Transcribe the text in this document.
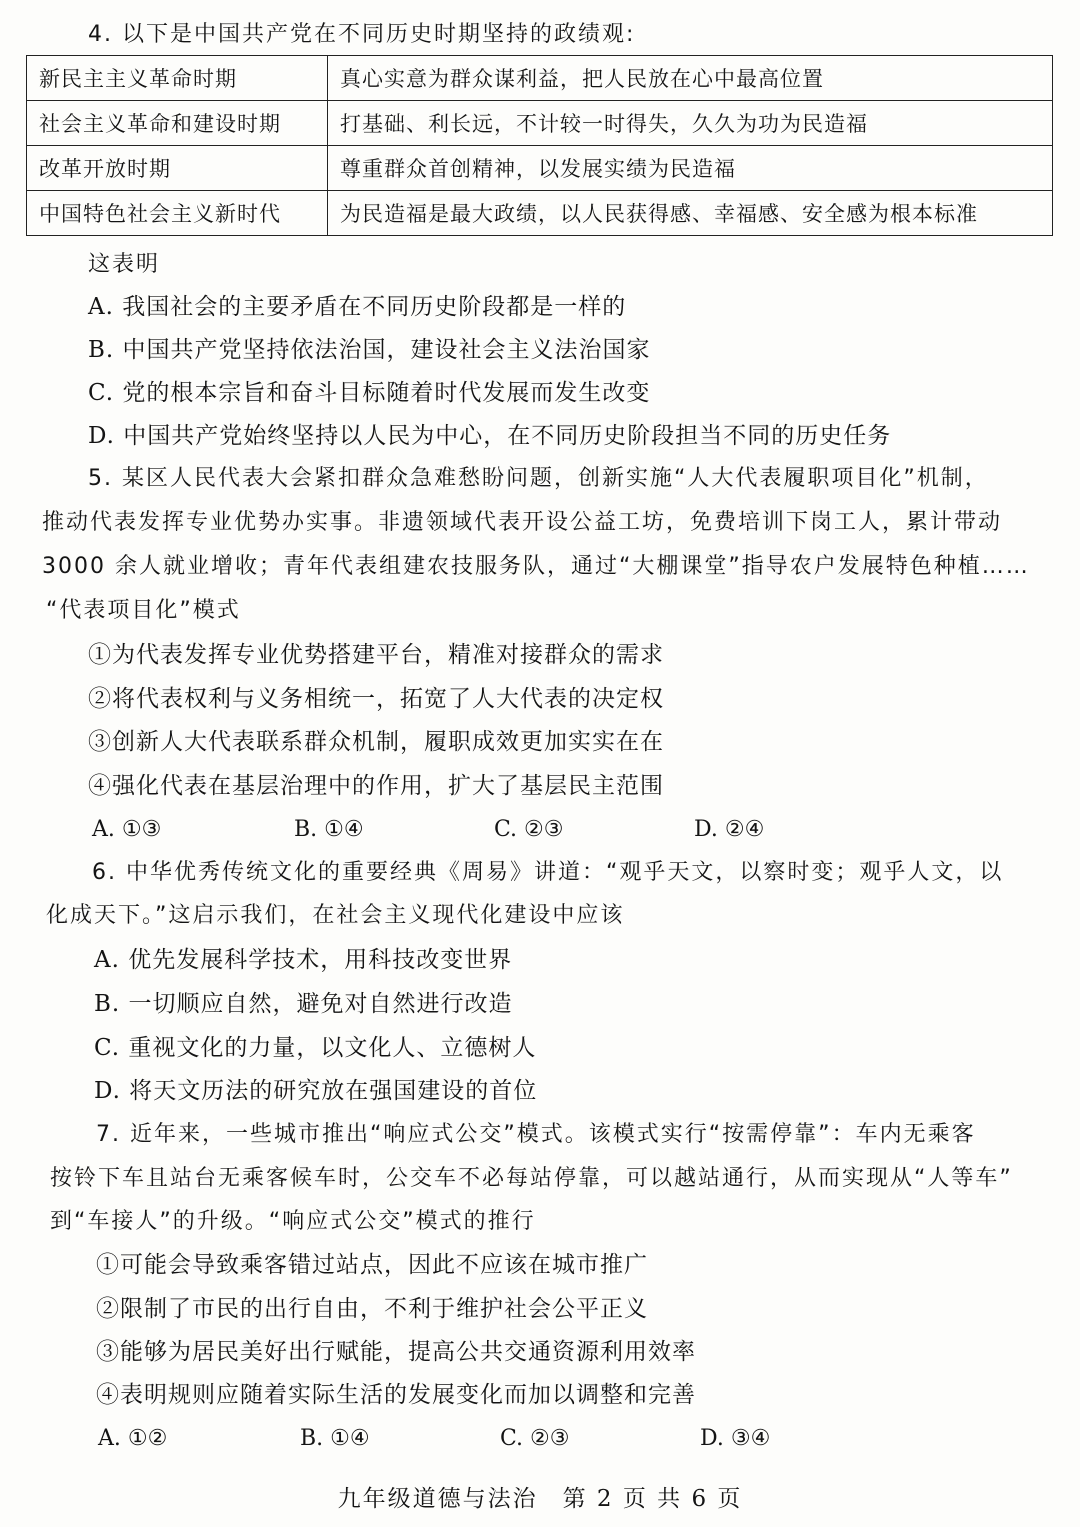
4. 以下是中国共产党在不同历史时期坚持的政绩观:
新民主主义革命时期	真心实意为群众谋利益，把人民放在心中最高位置
社会主义革命和建设时期	打基础、利长远，不计较一时得失，久久为功为民造福
改革开放时期	尊重群众首创精神，以发展实绩为民造福
中国特色社会主义新时代	为民造福是最大政绩，以人民获得感、幸福感、安全感为根本标准
这表明
A. 我国社会的主要矛盾在不同历史阶段都是一样的
B. 中国共产党坚持依法治国，建设社会主义法治国家
C. 党的根本宗旨和奋斗目标随着时代发展而发生改变
D. 中国共产党始终坚持以人民为中心，在不同历史阶段担当不同的历史任务
5. 某区人民代表大会紧扣群众急难愁盼问题，创新实施“人大代表履职项目化”机制，
推动代表发挥专业优势办实事。非遗领域代表开设公益工坊，免费培训下岗工人，累计带动
3000 余人就业增收；青年代表组建农技服务队，通过“大棚课堂”指导农户发展特色种植……
“代表项目化”模式
①为代表发挥专业优势搭建平台，精准对接群众的需求
②将代表权利与义务相统一，拓宽了人大代表的决定权
③创新人大代表联系群众机制，履职成效更加实实在在
④强化代表在基层治理中的作用，扩大了基层民主范围
A. ①③	B. ①④	C. ②③	D. ②④
6. 中华优秀传统文化的重要经典《周易》讲道：“观乎天文，以察时变；观乎人文，以
化成天下。”这启示我们，在社会主义现代化建设中应该
A. 优先发展科学技术，用科技改变世界
B. 一切顺应自然，避免对自然进行改造
C. 重视文化的力量，以文化人、立德树人
D. 将天文历法的研究放在强国建设的首位
7. 近年来，一些城市推出“响应式公交”模式。该模式实行“按需停靠”：车内无乘客
按铃下车且站台无乘客候车时，公交车不必每站停靠，可以越站通行，从而实现从“人等车”
到“车接人”的升级。“响应式公交”模式的推行
①可能会导致乘客错过站点，因此不应该在城市推广
②限制了市民的出行自由，不利于维护社会公平正义
③能够为居民美好出行赋能，提高公共交通资源利用效率
④表明规则应随着实际生活的发展变化而加以调整和完善
A. ①②	B. ①④	C. ②③	D. ③④
九年级道德与法治　第 2 页 共 6 页
